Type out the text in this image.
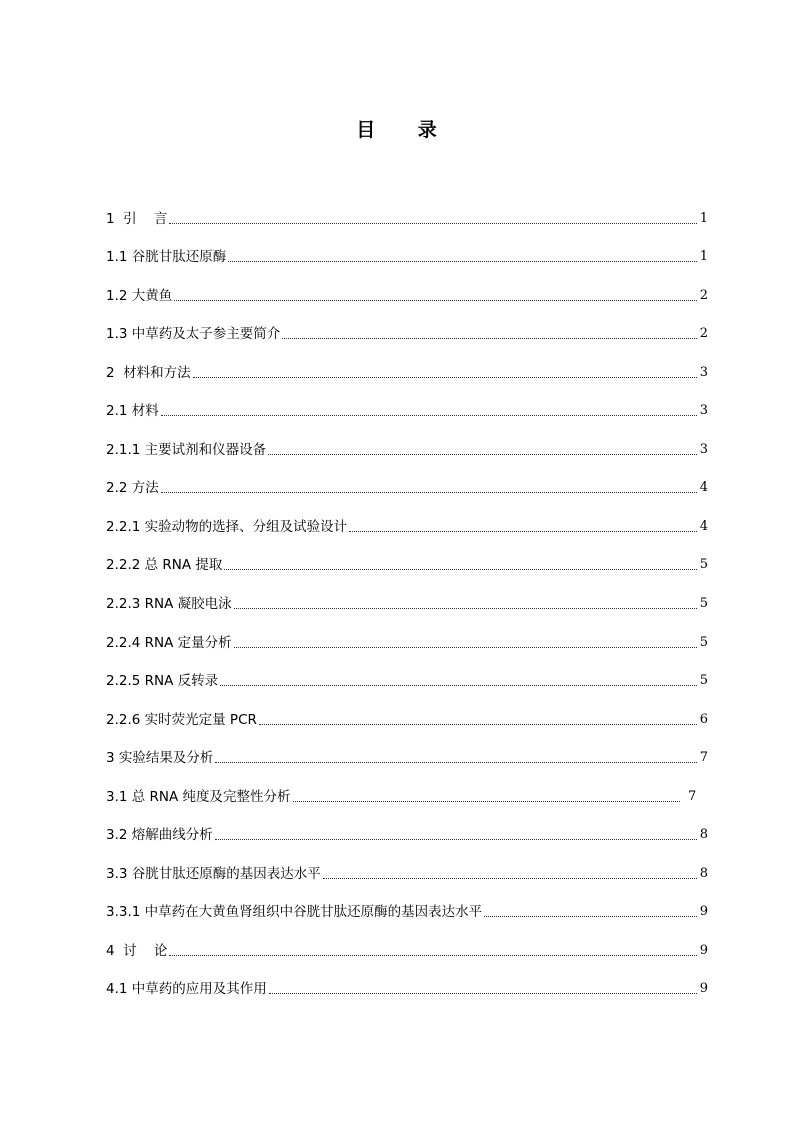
目 录
1  引    言	1
1.1 谷胱甘肽还原酶	1
1.2 大黄鱼	2
1.3 中草药及太子参主要简介	2
2  材料和方法	3
2.1 材料	3
2.1.1 主要试剂和仪器设备	3
2.2 方法	4
2.2.1 实验动物的选择、分组及试验设计	4
2.2.2 总 RNA 提取	5
2.2.3 RNA 凝胶电泳	5
2.2.4 RNA 定量分析	5
2.2.5 RNA 反转录	5
2.2.6 实时荧光定量 PCR	6
3 实验结果及分析	7
3.1 总 RNA 纯度及完整性分析	7
3.2 熔解曲线分析	8
3.3 谷胱甘肽还原酶的基因表达水平	8
3.3.1 中草药在大黄鱼肾组织中谷胱甘肽还原酶的基因表达水平	9
4  讨    论	9
4.1 中草药的应用及其作用	9
